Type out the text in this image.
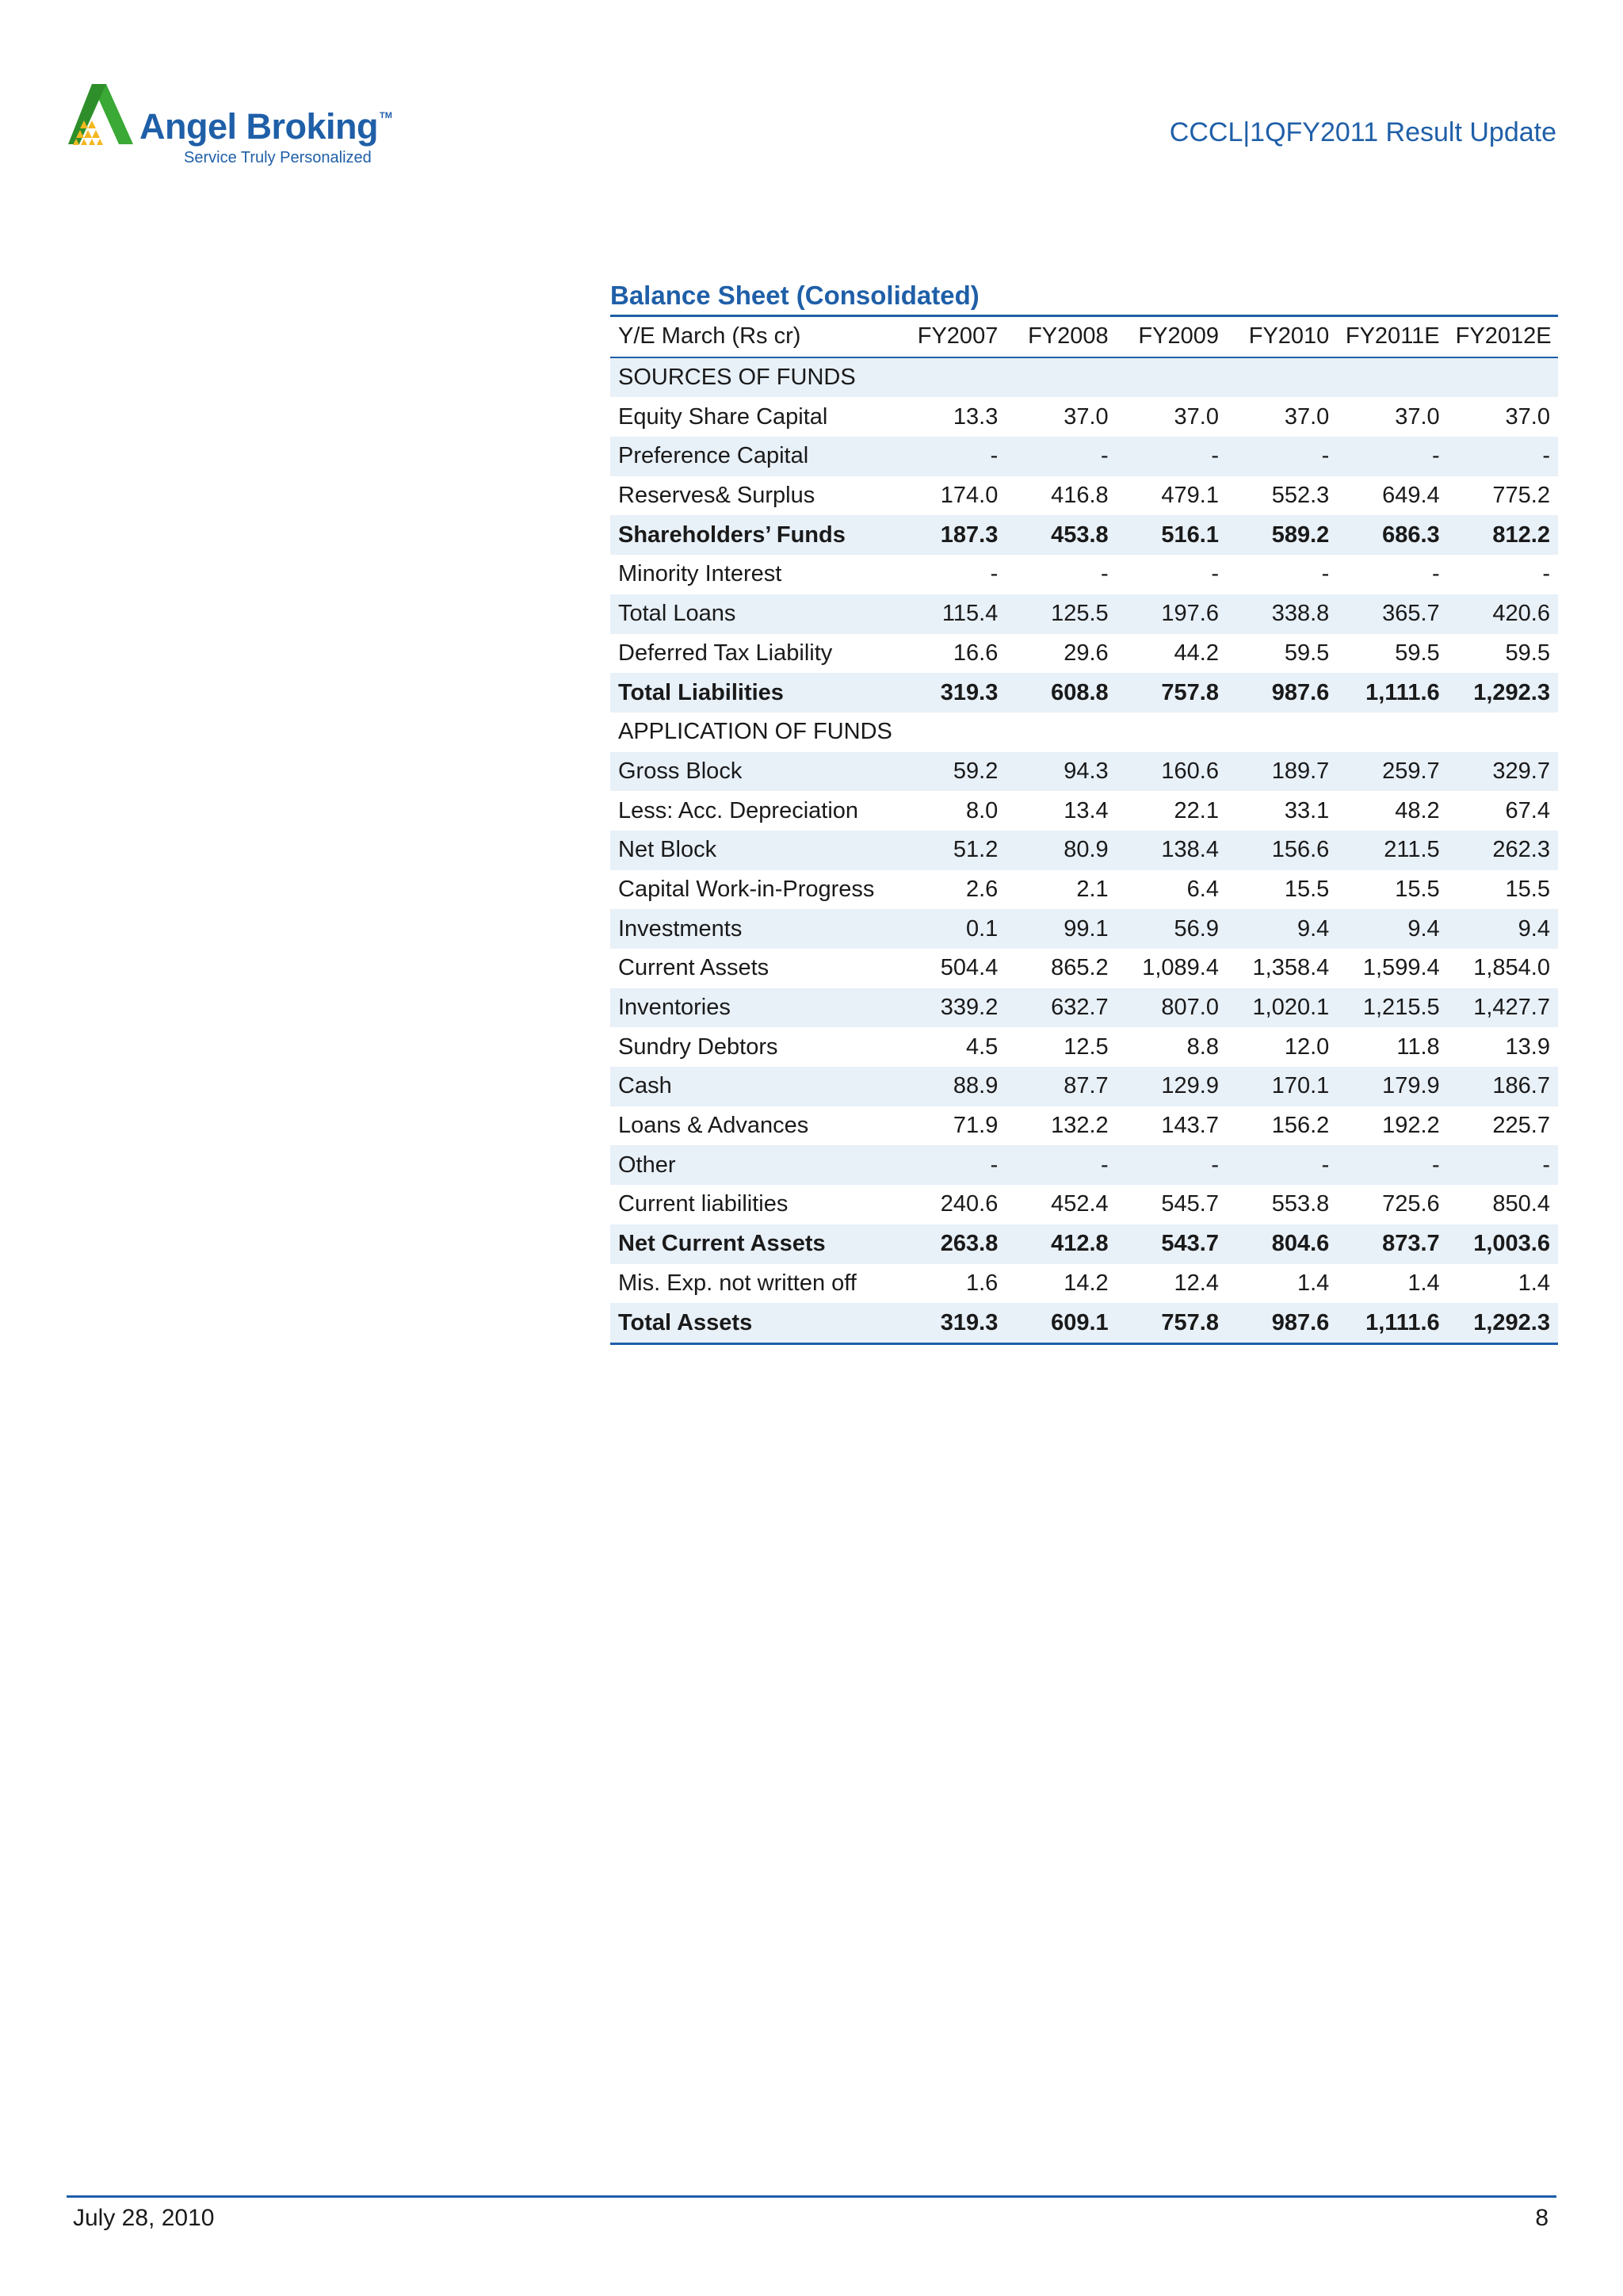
Angel Broking TM
Service Truly Personalized
CCCL|1QFY2011 Result Update
Balance Sheet (Consolidated)
Y/E March (Rs cr)	FY2007	FY2008	FY2009	FY2010	FY2011E	FY2012E
SOURCES OF FUNDS						
Equity Share Capital	13.3	37.0	37.0	37.0	37.0	37.0
Preference Capital	-	-	-	-	-	-
Reserves& Surplus	174.0	416.8	479.1	552.3	649.4	775.2
Shareholders’ Funds	187.3	453.8	516.1	589.2	686.3	812.2
Minority Interest	-	-	-	-	-	-
Total Loans	115.4	125.5	197.6	338.8	365.7	420.6
Deferred Tax Liability	16.6	29.6	44.2	59.5	59.5	59.5
Total Liabilities	319.3	608.8	757.8	987.6	1,111.6	1,292.3
APPLICATION OF FUNDS						
Gross Block	59.2	94.3	160.6	189.7	259.7	329.7
Less: Acc. Depreciation	8.0	13.4	22.1	33.1	48.2	67.4
Net Block	51.2	80.9	138.4	156.6	211.5	262.3
Capital Work-in-Progress	2.6	2.1	6.4	15.5	15.5	15.5
Investments	0.1	99.1	56.9	9.4	9.4	9.4
Current Assets	504.4	865.2	1,089.4	1,358.4	1,599.4	1,854.0
Inventories	339.2	632.7	807.0	1,020.1	1,215.5	1,427.7
Sundry Debtors	4.5	12.5	8.8	12.0	11.8	13.9
Cash	88.9	87.7	129.9	170.1	179.9	186.7
Loans & Advances	71.9	132.2	143.7	156.2	192.2	225.7
Other	-	-	-	-	-	-
Current liabilities	240.6	452.4	545.7	553.8	725.6	850.4
Net Current Assets	263.8	412.8	543.7	804.6	873.7	1,003.6
Mis. Exp. not written off	1.6	14.2	12.4	1.4	1.4	1.4
Total Assets	319.3	609.1	757.8	987.6	1,111.6	1,292.3
July 28, 2010	8
